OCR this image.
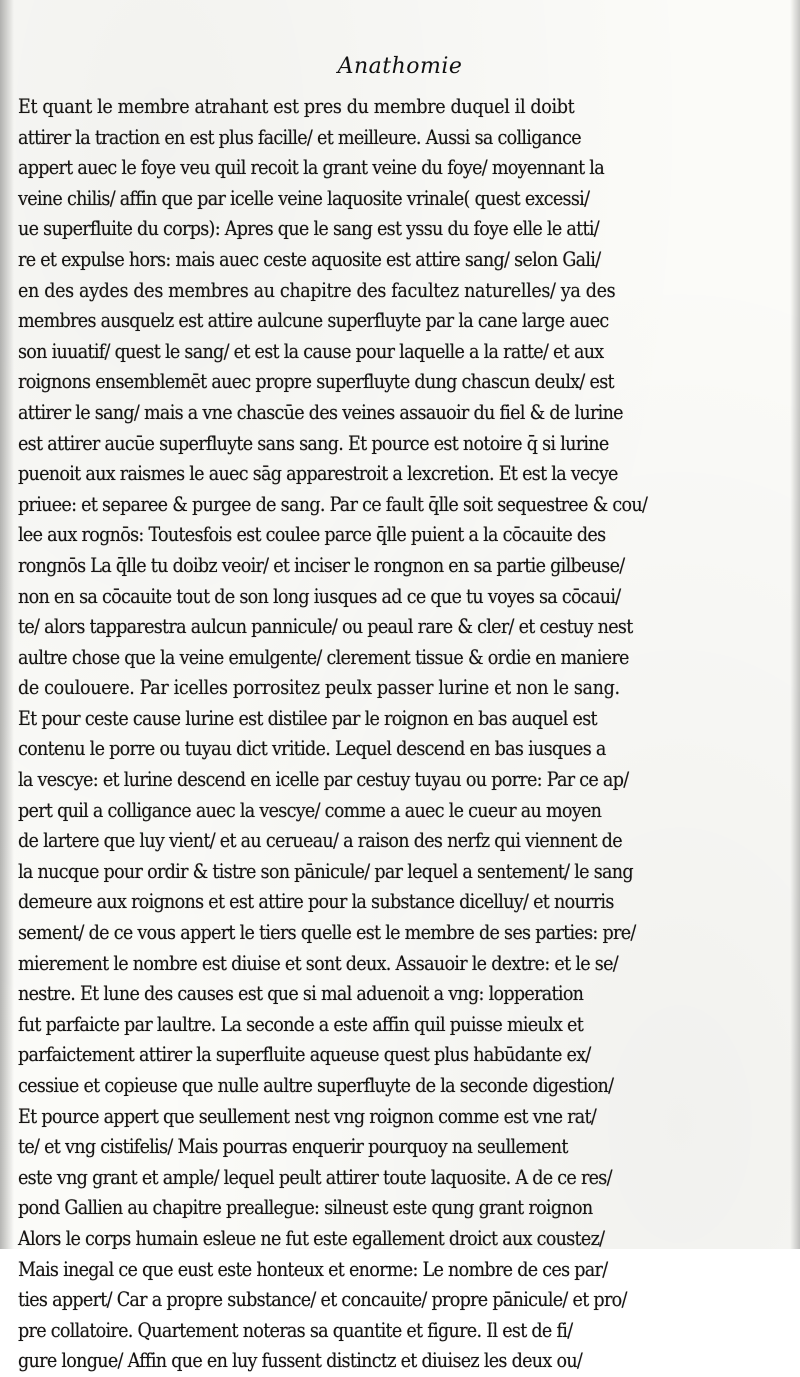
Anathomie
Et quant le membre atrahant est pres du membre duquel il doibt
attirer la traction en est plus facille/ et meilleure. Aussi sa colligance
appert auec le foye veu quil recoit la grant veine du foye/ moyennant la
veine chilis/ affin que par icelle veine laquosite vrinale( quest excessi/
ue superfluite du corps): Apres que le sang est yssu du foye elle le atti/
re et expulse hors: mais auec ceste aquosite est attire sang/ selon Gali/
en des aydes des membres au chapitre des facultez naturelles/ ya des
membres ausquelz est attire aulcune superfluyte par la cane large auec
son iuuatif/ quest le sang/ et est la cause pour laquelle a la ratte/ et aux
roignons ensemblemēt auec propre superfluyte dung chascun deulx/ est
attirer le sang/ mais a vne chascūe des veines assauoir du fiel & de lurine
est attirer aucūe superfluyte sans sang. Et pource est notoire q̄ si lurine
puenoit aux raismes le auec sāg apparestroit a lexcretion. Et est la vecye
priuee: et separee & purgee de sang. Par ce fault q̄lle soit sequestree & cou/
lee aux rognōs: Toutesfois est coulee parce q̄lle puient a la cōcauite des
rongnōs La q̄lle tu doibz veoir/ et inciser le rongnon en sa partie gilbeuse/
non en sa cōcauite tout de son long iusques ad ce que tu voyes sa cōcaui/
te/ alors tapparestra aulcun pannicule/ ou peaul rare & cler/ et cestuy nest
aultre chose que la veine emulgente/ clerement tissue & ordie en maniere
de coulouere. Par icelles porrositez peulx passer lurine et non le sang.
Et pour ceste cause lurine est distilee par le roignon en bas auquel est
contenu le porre ou tuyau dict vritide. Lequel descend en bas iusques a
la vescye: et lurine descend en icelle par cestuy tuyau ou porre: Par ce ap/
pert quil a colligance auec la vescye/ comme a auec le cueur au moyen
de lartere que luy vient/ et au cerueau/ a raison des nerfz qui viennent de
la nucque pour ordir & tistre son pānicule/ par lequel a sentement/ le sang
demeure aux roignons et est attire pour la substance dicelluy/ et nourris
sement/ de ce vous appert le tiers quelle est le membre de ses parties: pre/
mierement le nombre est diuise et sont deux. Assauoir le dextre: et le se/
nestre. Et lune des causes est que si mal aduenoit a vng: lopperation
fut parfaicte par laultre. La seconde a este affin quil puisse mieulx et
parfaictement attirer la superfluite aqueuse quest plus habūdante ex/
cessiue et copieuse que nulle aultre superfluyte de la seconde digestion/
Et pource appert que seullement nest vng roignon comme est vne rat/
te/ et vng cistifelis/ Mais pourras enquerir pourquoy na seullement
este vng grant et ample/ lequel peult attirer toute laquosite. A de ce res/
pond Gallien au chapitre preallegue: silneust este qung grant roignon
Alors le corps humain esleue ne fut este egallement droict aux coustez/
Mais inegal ce que eust este honteux et enorme: Le nombre de ces par/
ties appert/ Car a propre substance/ et concauite/ propre pānicule/ et pro/
pre collatoire. Quartement noteras sa quantite et figure. Il est de fi/
gure longue/ Affin que en luy fussent distinctz et diuisez les deux ou/
